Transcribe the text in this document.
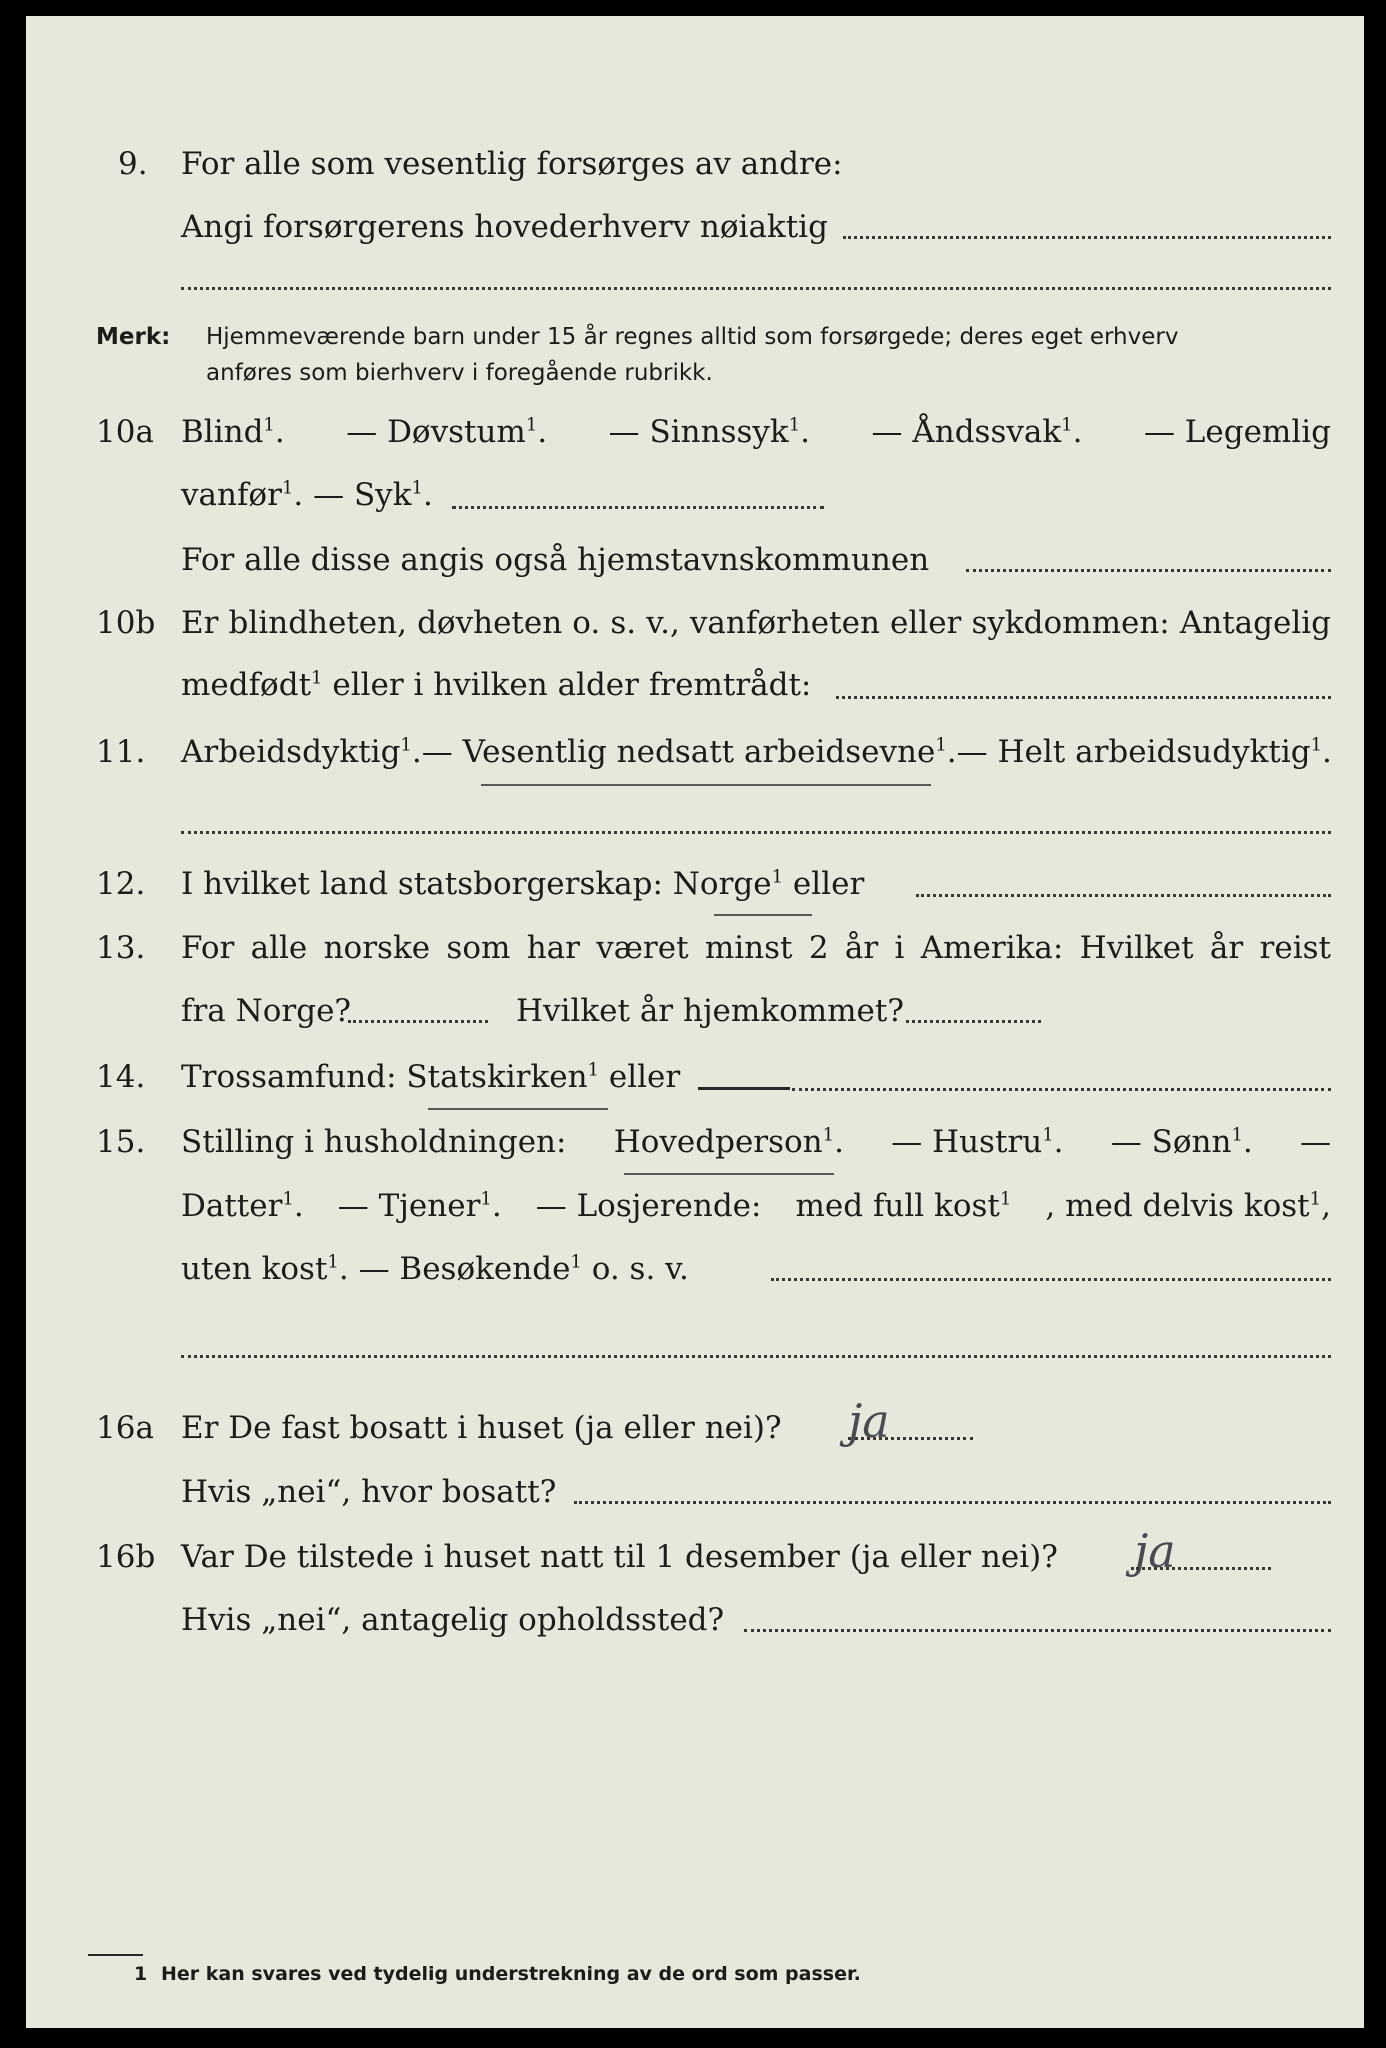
9. For alle som vesentlig forsørges av andre:
Angi forsørgerens hovederhverv nøiaktig
Merk: Hjemmeværende barn under 15 år regnes alltid som forsørgede; deres eget erhverv
anføres som bierhverv i foregående rubrikk.
10a Blind$^1$. — Døvstum$^1$. — Sinnssyk$^1$. — Åndssvak$^1$. — Legemlig
vanfør$^1$. — Syk$^1$.
For alle disse angis også hjemstavnskommunen
10b Er blindheten, døvheten o. s. v., vanførheten eller sykdommen: Antagelig
medfødt$^1$ eller i hvilken alder fremtrådt:
11. Arbeidsdyktig$^1$. — Vesentlig nedsatt arbeidsevne$^1$. — Helt arbeidsudyktig$^1$.
12. I hvilket land statsborgerskap: Norge$^1$ eller
13. For alle norske som har været minst 2 år i Amerika: Hvilket år reist
fra Norge?	Hvilket år hjemkommet?
14. Trossamfund: Statskirken$^1$ eller
15. Stilling i husholdningen: Hovedperson$^1$. — Hustru$^1$. — Sønn$^1$. —
Datter$^1$. — Tjener$^1$. — Losjerende: med full kost$^1$ , med delvis kost$^1$,
uten kost$^1$. — Besøkende$^1$ o. s. v.
16a Er De fast bosatt i huset (ja eller nei)? ja
Hvis „nei“, hvor bosatt?
16b Var De tilstede i huset natt til 1 desember (ja eller nei)? ja
Hvis „nei“, antagelig opholdssted?
1 Her kan svares ved tydelig understrekning av de ord som passer.
